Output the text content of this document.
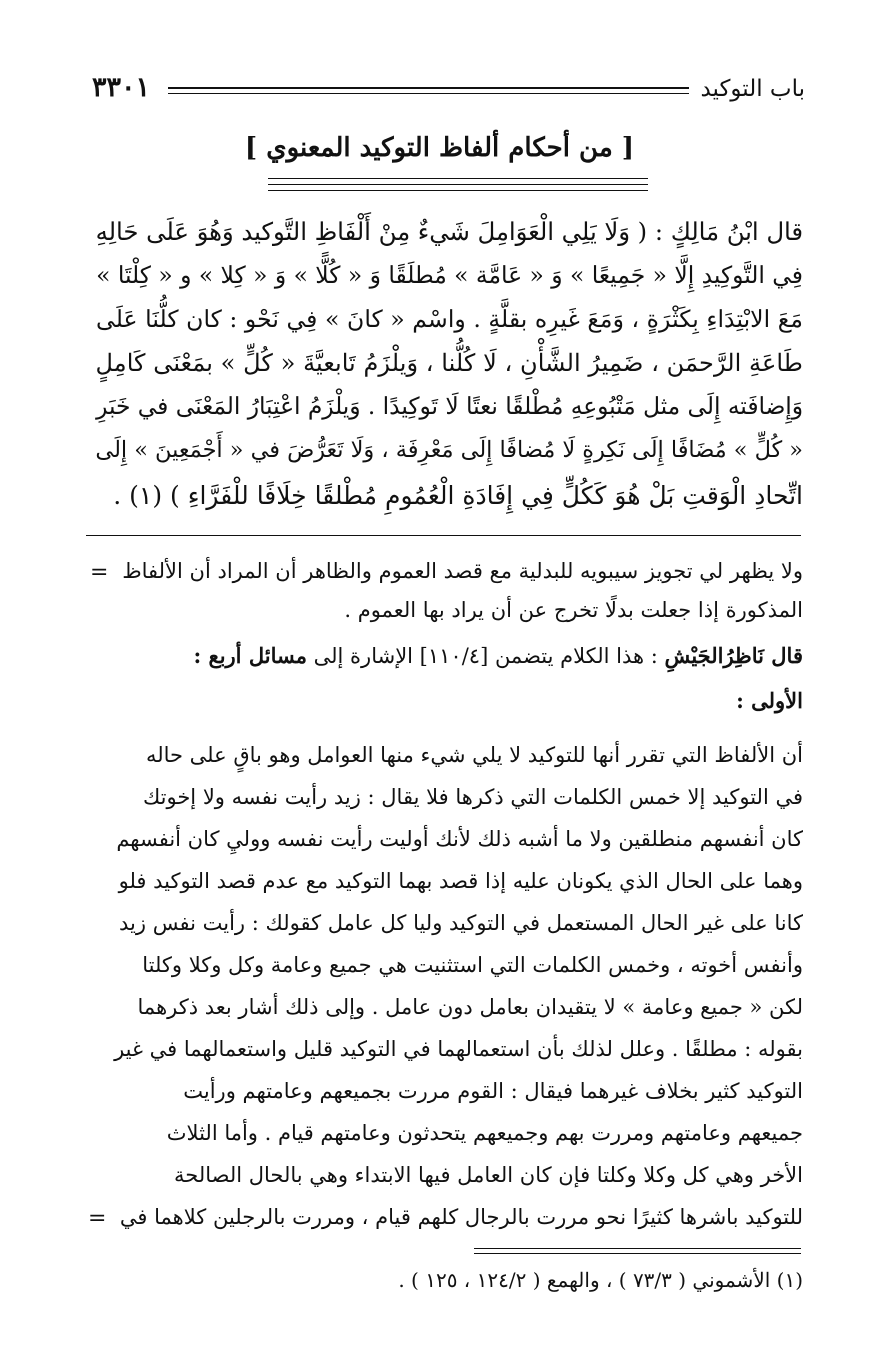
٣٣٠١	باب التوكيد
[ من أحكام ألفاظ التوكيد المعنوي ]
قال ابْنُ مَالِكٍ : ( وَلَا يَلِي الْعَوَامِلَ شَيءٌ مِنْ أَلْفَاظِ التَّوكيد وَهُوَ عَلَى حَالِهِ
فِي التَّوكِيدِ إِلَّا « جَمِيعًا » وَ « عَامَّة » مُطلَقًا وَ « كُلًّا » وَ « كِلا » و « كِلْتَا »
مَعَ الابْتِدَاءِ بِكَثْرَةٍ ، وَمَعَ غَيرِه بقلَّةٍ . واسْم « كانَ » فِي نَحْو : كان كلُّنَا عَلَى
طَاعَةِ الرَّحمَن ، ضَمِيرُ الشَّأْنِ ، لَا كُلُّنا ، وَيلْزَمُ تَابعيَّةَ « كُلٍّ » بمَعْنَى كَامِلٍ
وَإِضافَته إِلَى مثل مَتْبُوعِهِ مُطْلقًا نعتًا لَا تَوكِيدًا . وَيلْزَمُ اعْتِبَارُ المَعْنَى في خَبَرِ
« كُلٍّ » مُضَافًا إِلَى نَكِرةٍ لَا مُضافًا إِلَى مَعْرِفَة ، وَلَا تَعَرُّضَ في « أَجْمَعِينَ » إِلَى
اتِّحادِ الْوَقتِ بَلْ هُوَ كَكُلٍّ فِي إِفَادَةِ الْعُمُومِ مُطْلقًا خِلَافًا للْفَرَّاءِ ) (١) .
= ولا يظهر لي تجويز سيبويه للبدلية مع قصد العموم والظاهر أن المراد أن الألفاظ
المذكورة إذا جعلت بدلًا تخرج عن أن يراد بها العموم .
قال نَاظِرُالجَيْشِ : هذا الكلام يتضمن [١١٠/٤] الإشارة إلى مسائل أربع :
الأولى :
أن الألفاظ التي تقرر أنها للتوكيد لا يلي شيء منها العوامل وهو باقٍ على حاله
في التوكيد إلا خمس الكلمات التي ذكرها فلا يقال : زيد رأيت نفسه ولا إخوتك
كان أنفسهم منطلقين ولا ما أشبه ذلك لأنك أوليت رأيت نفسه ووليِ كان أنفسهم
وهما على الحال الذي يكونان عليه إذا قصد بهما التوكيد مع عدم قصد التوكيد فلو
كانا على غير الحال المستعمل في التوكيد وليا كل عامل كقولك : رأيت نفس زيد
وأنفس أخوته ، وخمس الكلمات التي استثنيت هي جميع وعامة وكل وكلا وكلتا
لكن « جميع وعامة » لا يتقيدان بعامل دون عامل . وإلى ذلك أشار بعد ذكرهما
بقوله : مطلقًا . وعلل لذلك بأن استعمالهما في التوكيد قليل واستعمالهما في غير
التوكيد كثير بخلاف غيرهما فيقال : القوم مررت بجميعهم وعامتهم ورأيت
جميعهم وعامتهم ومررت بهم وجميعهم يتحدثون وعامتهم قيام . وأما الثلاث
الأخر وهي كل وكلا وكلتا فإن كان العامل فيها الابتداء وهي بالحال الصالحة
للتوكيد باشرها كثيرًا نحو مررت بالرجال كلهم قيام ، ومررت بالرجلين كلاهما في
=
(١) الأشموني ( ٧٣/٣ ) ، والهمع ( ١٢٤/٢ ، ١٢٥ ) .
